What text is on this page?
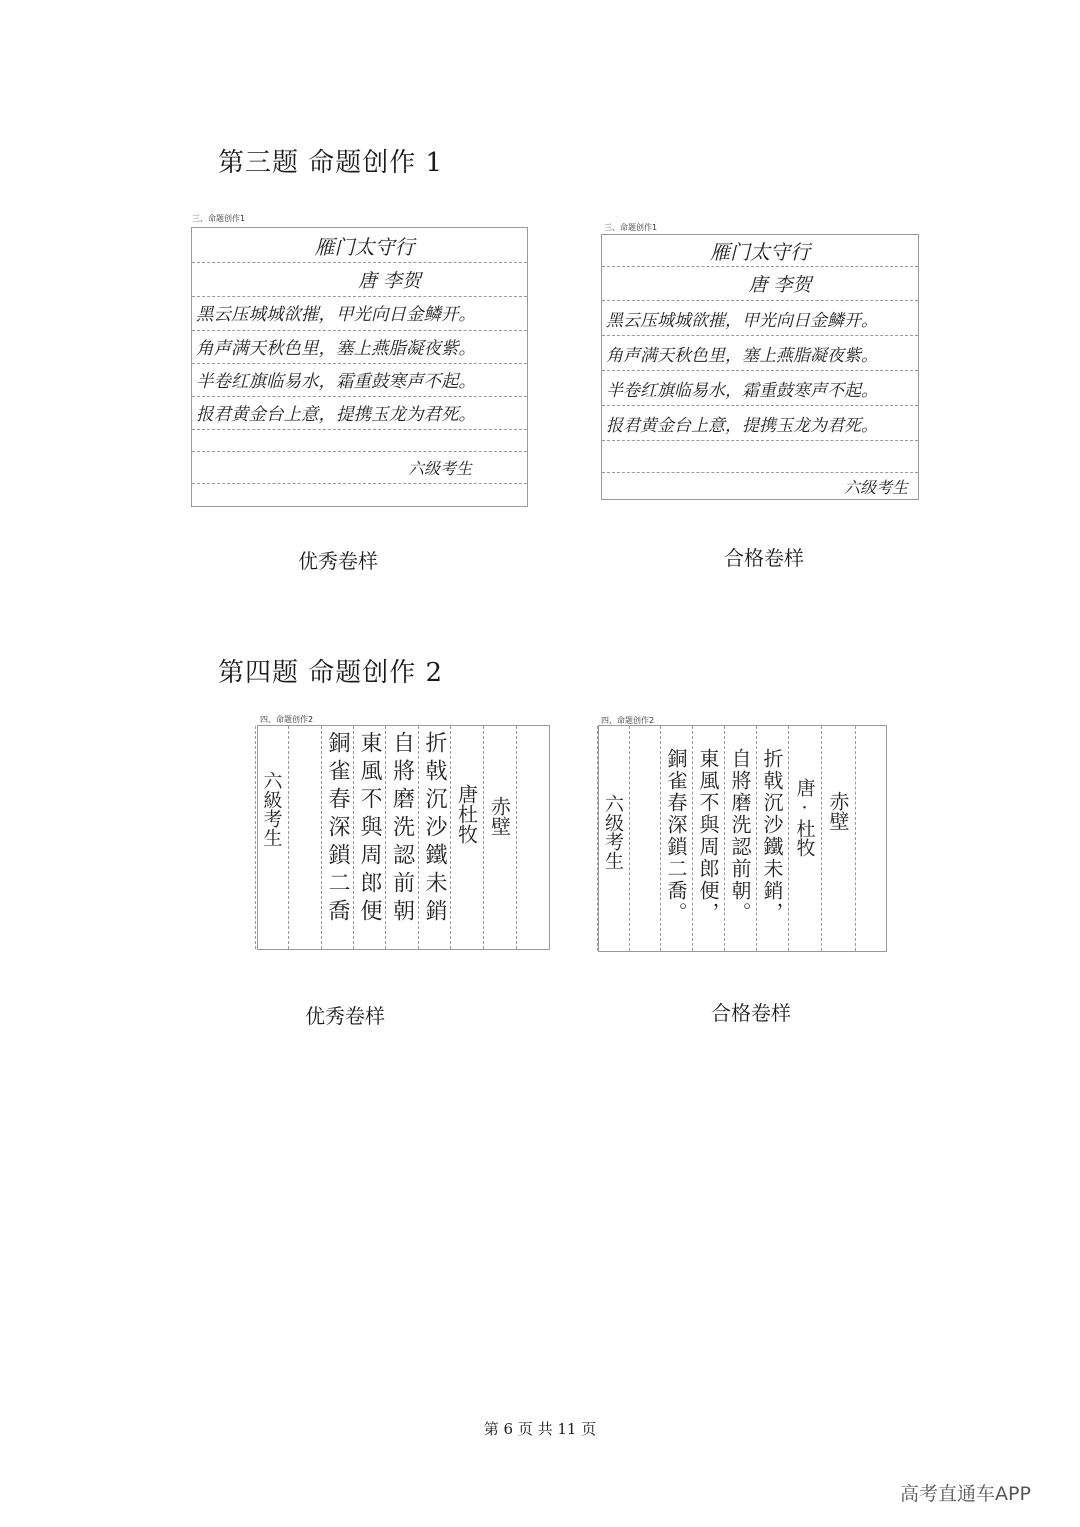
第三题 命题创作 1
三、命题创作1
雁门太守行
唐 李贺
黑云压城城欲摧，甲光向日金鳞开。
角声满天秋色里，塞上燕脂凝夜紫。
半卷红旗临易水，霜重鼓寒声不起。
报君黄金台上意，提携玉龙为君死。
六级考生
优秀卷样
三、命题创作1
雁门太守行
唐 李贺
黑云压城城欲摧，甲光向日金鳞开。
角声满天秋色里，塞上燕脂凝夜紫。
半卷红旗临易水，霜重鼓寒声不起。
报君黄金台上意，提携玉龙为君死。
六级考生
合格卷样
第四题 命题创作 2
四、命题创作2
赤壁
唐杜牧
折戟沉沙鐵未銷
自將磨洗認前朝
東風不與周郎便
銅雀春深鎖二喬
六級考生
优秀卷样
四、命题创作2
赤壁
唐·杜牧
折戟沉沙鐵未銷，
自將磨洗認前朝。
東風不與周郎便，
銅雀春深鎖二喬。
六级考生
合格卷样
第 6 页 共 11 页
高考直通车APP
